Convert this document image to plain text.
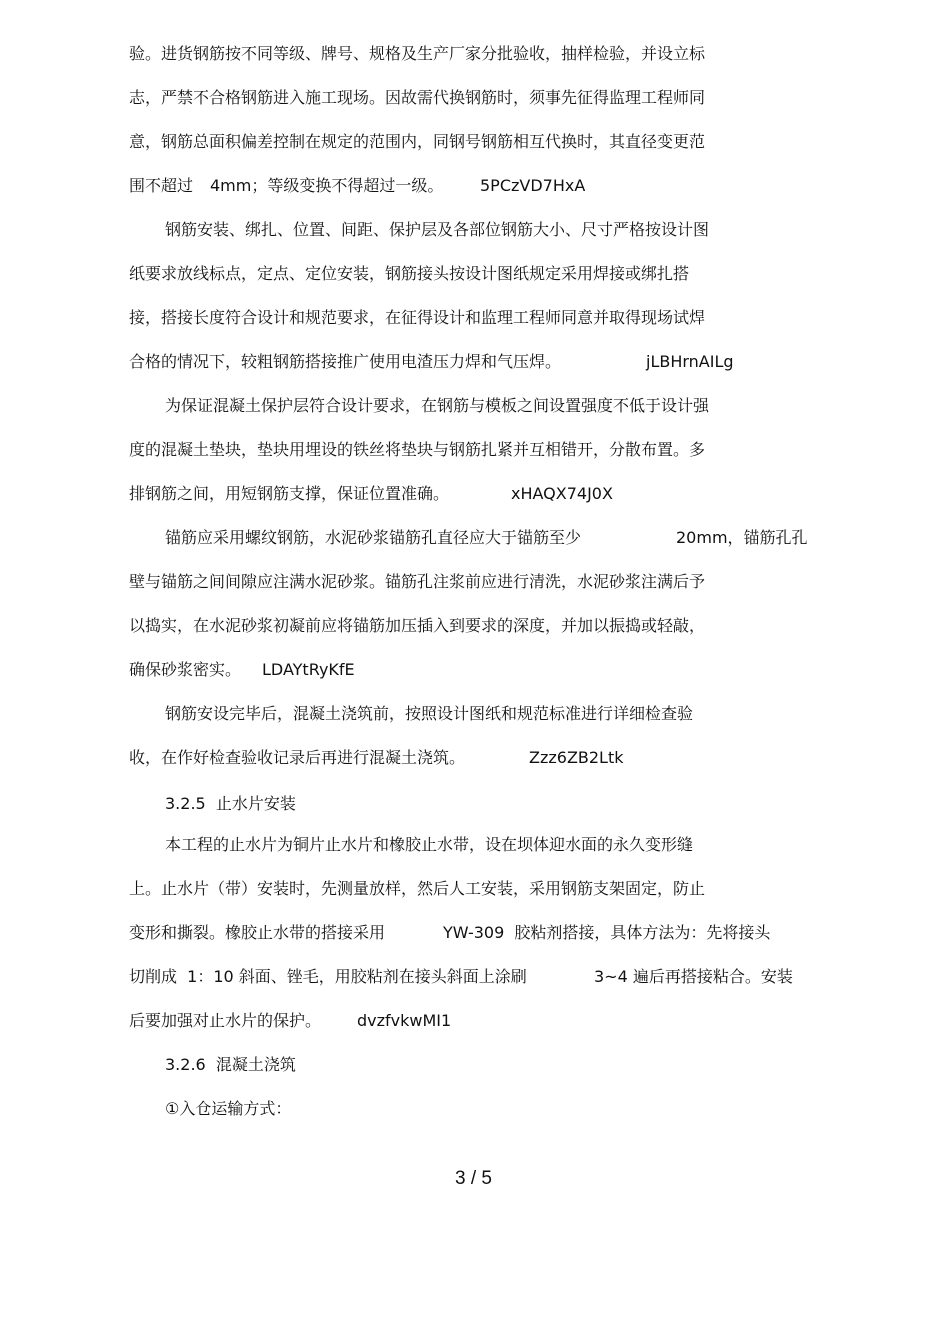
验。进货钢筋按不同等级、牌号、规格及生产厂家分批验收，抽样检验，并设立标

志，严禁不合格钢筋进入施工现场。因故需代换钢筋时，须事先征得监理工程师同

意，钢筋总面积偏差控制在规定的范围内，同钢号钢筋相互代换时，其直径变更范

围不超过

4mm；等级变换不得超过一级。

5PCzVD7HxA

钢筋安装、绑扎、位置、间距、保护层及各部位钢筋大小、尺寸严格按设计图

纸要求放线标点，定点、定位安装，钢筋接头按设计图纸规定采用焊接或绑扎搭

接，搭接长度符合设计和规范要求，在征得设计和监理工程师同意并取得现场试焊

合格的情况下，较粗钢筋搭接推广使用电渣压力焊和气压焊。

	jLBHrnAILg

为保证混凝土保护层符合设计要求，在钢筋与模板之间设置强度不低于设计强

度的混凝土垫块，垫块用埋设的铁丝将垫块与钢筋扎紧并互相错开，分散布置。多

排钢筋之间，用短钢筋支撑，保证位置准确。

	xHAQX74J0X

锚筋应采用螺纹钢筋，水泥砂浆锚筋孔直径应大于锚筋至少

	20mm，锚筋孔孔

壁与锚筋之间间隙应注满水泥砂浆。锚筋孔注浆前应进行清洗，水泥砂浆注满后予

以捣实，在水泥砂浆初凝前应将锚筋加压插入到要求的深度，并加以振捣或轻敲，

确保砂浆密实。

LDAYtRyKfE

钢筋安设完毕后，混凝土浇筑前，按照设计图纸和规范标准进行详细检查验

收，在作好检查验收记录后再进行混凝土浇筑。

	Zzz6ZB2Ltk

3.2.5  止水片安装

本工程的止水片为铜片止水片和橡胶止水带，设在坝体迎水面的永久变形缝

上。止水片（带）安装时，先测量放样，然后人工安装，采用钢筋支架固定，防止

变形和撕裂。橡胶止水带的搭接采用

	YW-309  胶粘剂搭接，具体方法为：先将接头

切削成  1：10 斜面、锉毛，用胶粘剂在接头斜面上涂刷

	3~4 遍后再搭接粘合。安装

后要加强对止水片的保护。

dvzfvkwMI1

3.2.6  混凝土浇筑

①入仓运输方式：

3 / 5
